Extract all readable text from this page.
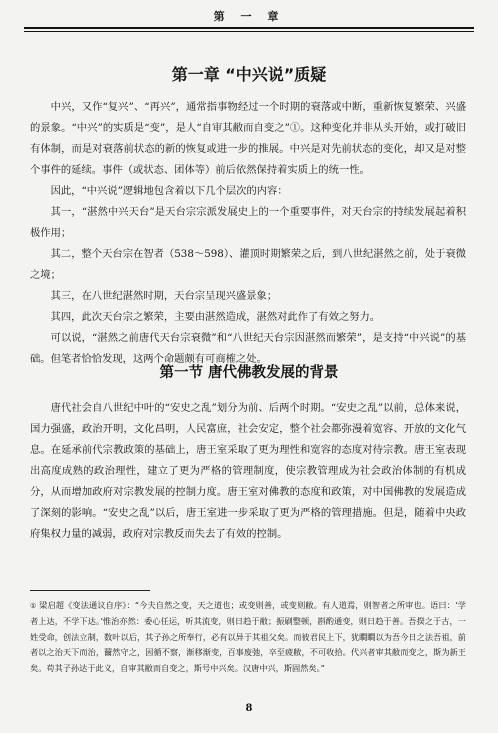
第 一 章
第一章 “中兴说”质疑

中兴，又作“复兴”、“再兴”，通常指事物经过一个时期的衰落或中断，重新恢复繁荣、兴盛的景象。“中兴”的实质是“变”，是人“自审其敝而自变之”①。这种变化并非从头开始，或打破旧有体制，而是对衰落前状态的新的恢复或进一步的推展。中兴是对先前状态的变化，却又是对整个事件的延续。事件（或状态、团体等）前后依然保持着实质上的统一性。

因此，“中兴说”逻辑地包含着以下几个层次的内容：

其一，“湛然中兴天台”是天台宗宗派发展史上的一个重要事件，对天台宗的持续发展起着积极作用；

其二，整个天台宗在智者（538～598）、灌顶时期繁荣之后，到八世纪湛然之前，处于衰微之境；

其三，在八世纪湛然时期，天台宗呈现兴盛景象；

其四，此次天台宗之繁荣，主要由湛然造成，湛然对此作了有效之努力。

可以说，“湛然之前唐代天台宗衰微”和“八世纪天台宗因湛然而繁荣”，是支持“中兴说”的基础。但笔者恰恰发现，这两个命题颇有可商榷之处。

第一节 唐代佛教发展的背景

唐代社会自八世纪中叶的“安史之乱”划分为前、后两个时期。“安史之乱”以前，总体来说，国力强盛，政治开明，文化昌明，人民富庶，社会安定，整个社会都弥漫着宽容、开放的文化气息。在延承前代宗教政策的基础上，唐王室采取了更为理性和宽容的态度对待宗教。唐王室表现出高度成熟的政治理性，建立了更为严格的管理制度，使宗教管理成为社会政治体制的有机成分，从而增加政府对宗教发展的控制力度。唐王室对佛教的态度和政策，对中国佛教的发展造成了深刻的影响。“安史之乱”以后，唐王室进一步采取了更为严格的管理措施。但是，随着中央政府集权力量的减弱，政府对宗教反而失去了有效的控制。

① 梁启超《变法通议自序》：“今夫自然之变，天之道也；或变则善，或变则敝。有人道焉，则智者之所审也。语曰：‘学者上达，不学下达。’惟治亦然：委心任运，听其流变，则日趋于敝；振刷整顿，斟酌通变，则日趋于善。吾揆之于古，一姓受命，创法立制，数叶以后，其子孙之所奉行，必有以异于其祖父矣。而彼君民上下，犹瞷瞷以为吾今日之法吾祖，前者以之治天下而治，薾然守之，因循不察，渐移渐变，百事废弛，卒至疲敝，不可收拾。代兴者审其敝而变之，斯为新王矣。苟其子孙达于此义，自审其敝而自变之，斯号中兴矣。汉唐中兴，斯固然矣。”
8
